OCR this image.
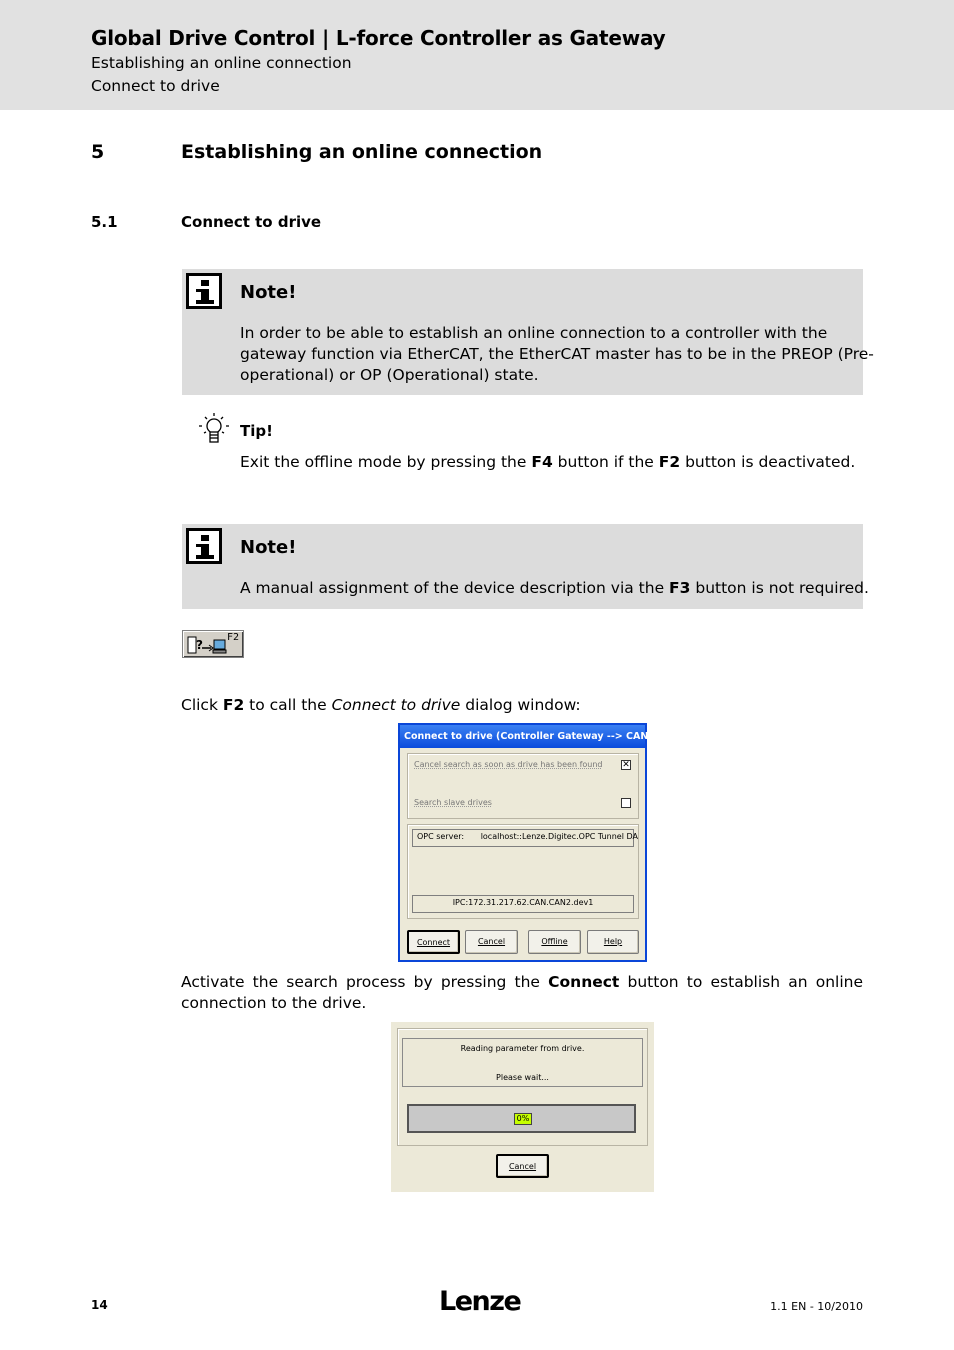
Global Drive Control | L-force Controller as Gateway
Establishing an online connection
Connect to drive
5	Establishing an online connection
5.1	Connect to drive
Note!
In order to be able to establish an online connection to a controller with the
gateway function via EtherCAT, the EtherCAT master has to be in the PREOP (Pre-
operational) or OP (Operational) state.
Tip!
Exit the offline mode by pressing the F4 button if the F2 button is deactivated.
Note!
A manual assignment of the device description via the F3 button is not required.
?
F2
Click F2 to call the Connect to drive dialog window:
Connect to drive (Controller Gateway --> CAN)
Cancel search as soon as drive has been found ✕
Search slave drives
OPC server: localhost::Lenze.Digitec.OPC Tunnel DA
IPC:172.31.217.62.CAN.CAN2.dev1
Connect	Cancel	Offline	Help
Activate the search process by pressing the Connect button to establish an online
connection to the drive.
Reading parameter from drive.
Please wait...
Cancel
0%
14	Lenze	1.1 EN - 10/2010
